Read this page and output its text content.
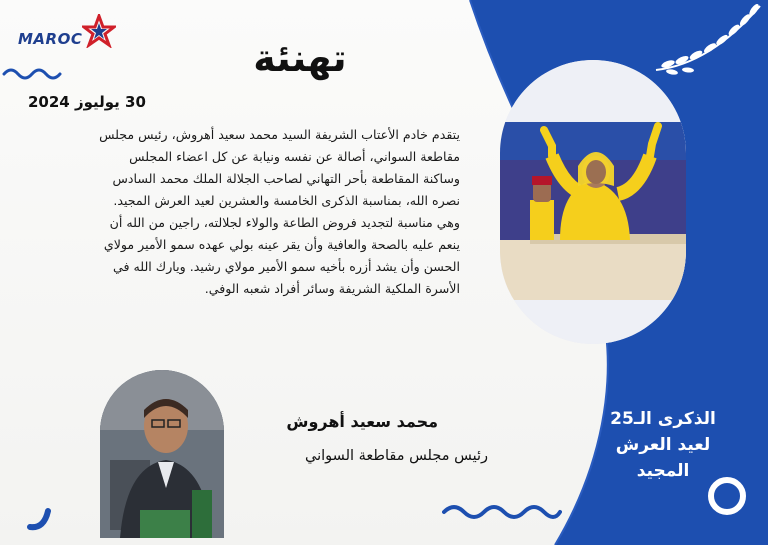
MAROC	تهنئة
30 يوليوز 2024

يتقدم خادم الأعتاب الشريفة السيد محمد سعيد أهروش، رئيس مجلس مقاطعة السواني، أصالة عن نفسه ونيابة عن كل اعضاء المجلس وساكنة المقاطعة بأحر التهاني لصاحب الجلالة الملك محمد السادس نصره الله، بمناسبة الذكرى الخامسة والعشرين لعيد العرش المجيد.

وهي مناسبة لتجديد فروض الطاعة والولاء لجلالته، راجين من الله أن ينعم عليه بالصحة والعافية وأن يقر عينه بولي عهده سمو الأمير مولاي الحسن وأن يشد أزره بأخيه سمو الأمير مولاي رشيد. ويارك الله في الأسرة الملكية الشريفة وسائر أفراد شعبه الوفي.

محمد سعيد أهروش
رئيس مجلس مقاطعة السواني
الذكرى الـ25
لعيد العرش
المجيد
